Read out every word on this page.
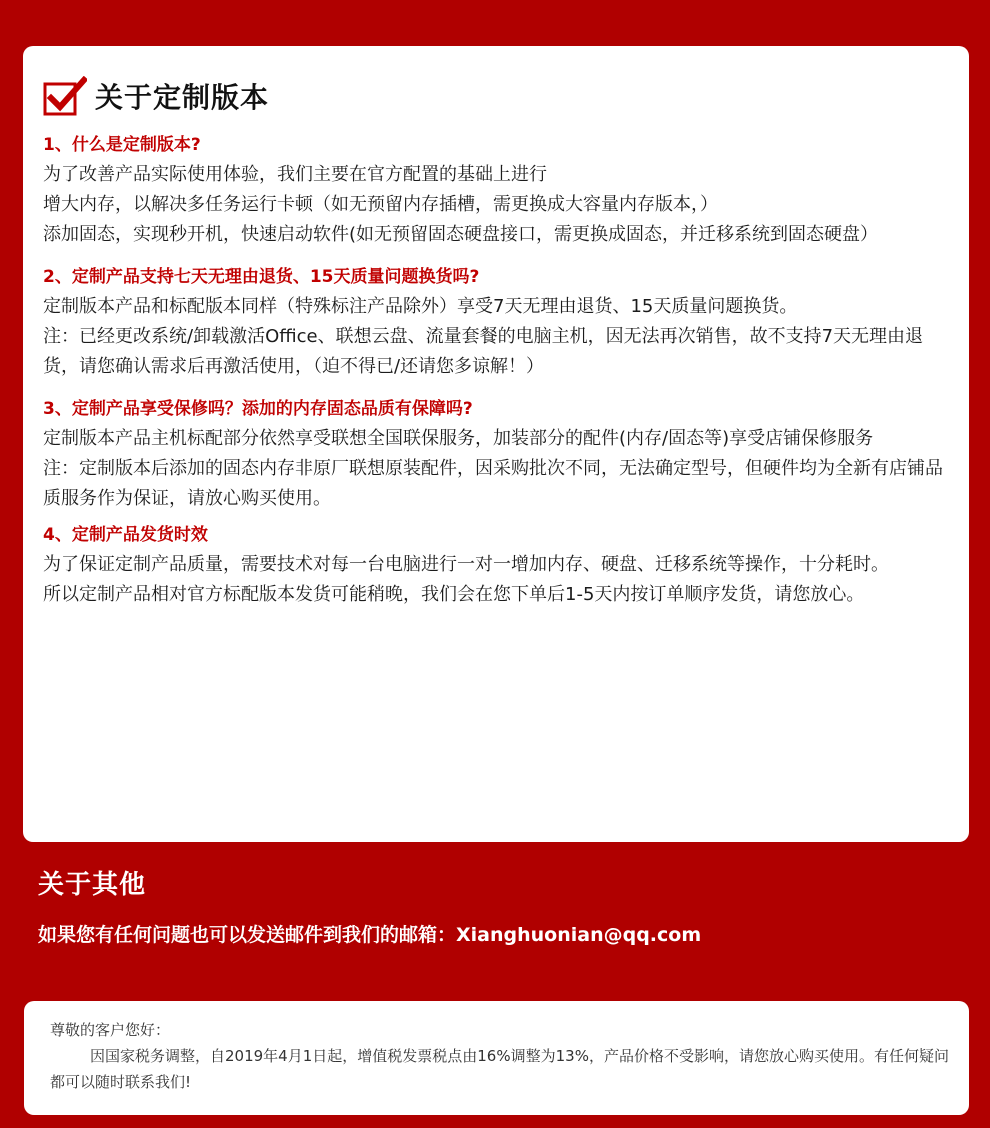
关于定制版本

1、什么是定制版本?

为了改善产品实际使用体验，我们主要在官方配置的基础上进行

增大内存，以解决多任务运行卡顿（如无预留内存插槽，需更换成大容量内存版本，）

添加固态，实现秒开机，快速启动软件(如无预留固态硬盘接口，需更换成固态，并迁移系统到固态硬盘）

2、定制产品支持七天无理由退货、15天质量问题换货吗?

定制版本产品和标配版本同样（特殊标注产品除外）享受7天无理由退货、15天质量问题换货。

注：已经更改系统/卸载激活Office、联想云盘、流量套餐的电脑主机，因无法再次销售，故不支持7天无理由退货，请您确认需求后再激活使用，（迫不得已/还请您多谅解！）

3、定制产品享受保修吗？添加的内存固态品质有保障吗?

定制版本产品主机标配部分依然享受联想全国联保服务，加装部分的配件(内存/固态等)享受店铺保修服务

注：定制版本后添加的固态内存非原厂联想原装配件，因采购批次不同，无法确定型号，但硬件均为全新有店铺品质服务作为保证，请放心购买使用。

4、定制产品发货时效

为了保证定制产品质量，需要技术对每一台电脑进行一对一增加内存、硬盘、迁移系统等操作，十分耗时。

所以定制产品相对官方标配版本发货可能稍晚，我们会在您下单后1-5天内按订单顺序发货，请您放心。

关于其他

如果您有任何问题也可以发送邮件到我们的邮箱：Xianghuonian@qq.com

尊敬的客户您好：

因国家税务调整，自2019年4月1日起，增值税发票税点由16%调整为13%，产品价格不受影响，请您放心购买使用。有任何疑问都可以随时联系我们!
